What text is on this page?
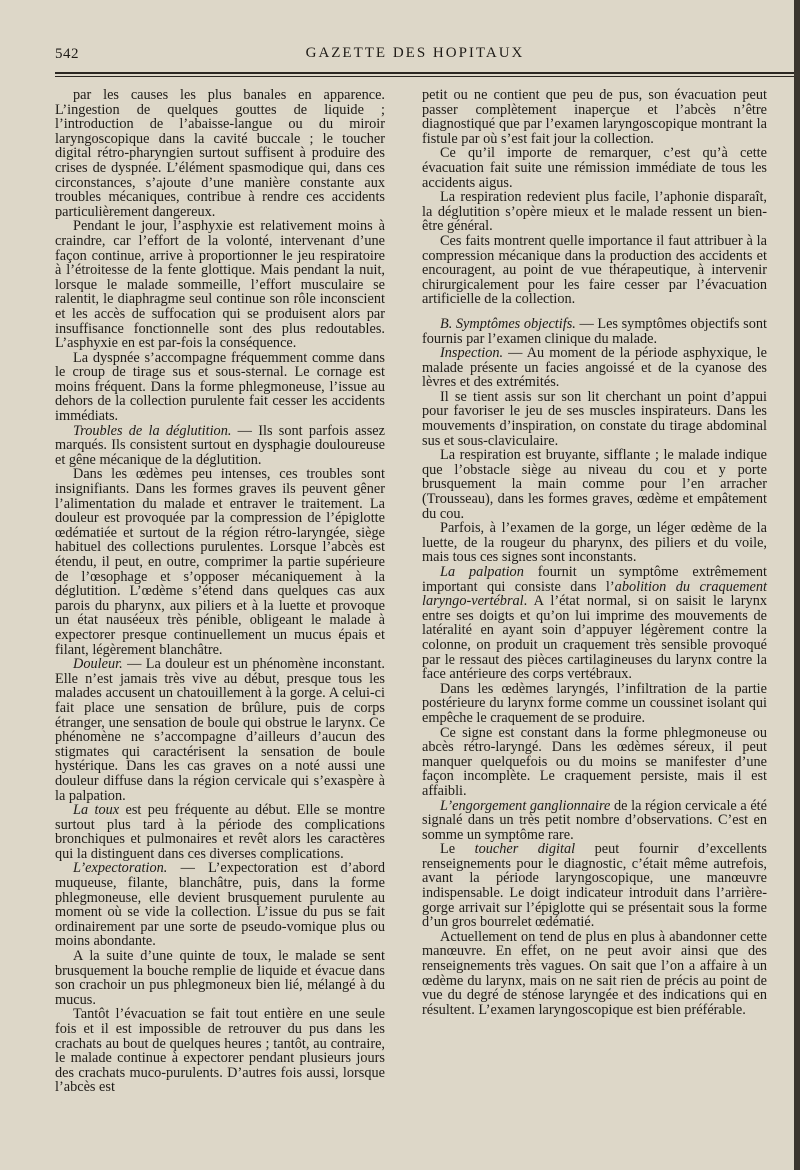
542	GAZETTE DES HOPITAUX

par les causes les plus banales en apparence. L’ingestion de quelques gouttes de liquide ; l’introduction de l’abaisse-langue ou du miroir laryngoscopique dans la cavité buccale ; le toucher digital rétro-pharyngien surtout suffisent à produire des crises de dyspnée. L’élément spasmodique qui, dans ces circonstances, s’ajoute d’une manière constante aux troubles mécaniques, contribue à rendre ces accidents particulièrement dangereux.

Pendant le jour, l’asphyxie est relativement moins à craindre, car l’effort de la volonté, intervenant d’une façon continue, arrive à proportionner le jeu respiratoire à l’étroitesse de la fente glottique. Mais pendant la nuit, lorsque le malade sommeille, l’effort musculaire se ralentit, le diaphragme seul continue son rôle inconscient et les accès de suffocation qui se produisent alors par insuffisance fonctionnelle sont des plus redoutables. L’asphyxie en est par-fois la conséquence.

La dyspnée s’accompagne fréquemment comme dans le croup de tirage sus et sous-sternal. Le cornage est moins fréquent. Dans la forme phlegmoneuse, l’issue au dehors de la collection purulente fait cesser les accidents immédiats.

Troubles de la déglutition. — Ils sont parfois assez marqués. Ils consistent surtout en dysphagie douloureuse et gêne mécanique de la déglutition.

Dans les œdèmes peu intenses, ces troubles sont insignifiants. Dans les formes graves ils peuvent gêner l’alimentation du malade et entraver le traitement. La douleur est provoquée par la compression de l’épiglotte œdématiée et surtout de la région rétro-laryngée, siège habituel des collections purulentes. Lorsque l’abcès est étendu, il peut, en outre, comprimer la partie supérieure de l’œsophage et s’opposer mécaniquement à la déglutition. L’œdème s’étend dans quelques cas aux parois du pharynx, aux piliers et à la luette et provoque un état nauséeux très pénible, obligeant le malade à expectorer presque continuellement un mucus épais et filant, légèrement blanchâtre.

Douleur. — La douleur est un phénomène inconstant. Elle n’est jamais très vive au début, presque tous les malades accusent un chatouillement à la gorge. A celui-ci fait place une sensation de brûlure, puis de corps étranger, une sensation de boule qui obstrue le larynx. Ce phénomène ne s’accompagne d’ailleurs d’aucun des stigmates qui caractérisent la sensation de boule hystérique. Dans les cas graves on a noté aussi une douleur diffuse dans la région cervicale qui s’exaspère à la palpation.

La toux est peu fréquente au début. Elle se montre surtout plus tard à la période des complications bronchiques et pulmonaires et revêt alors les caractères qui la distinguent dans ces diverses complications.

L’expectoration. — L’expectoration est d’abord muqueuse, filante, blanchâtre, puis, dans la forme phlegmoneuse, elle devient brusquement purulente au moment où se vide la collection. L’issue du pus se fait ordinairement par une sorte de pseudo-vomique plus ou moins abondante.

A la suite d’une quinte de toux, le malade se sent brusquement la bouche remplie de liquide et évacue dans son crachoir un pus phlegmoneux bien lié, mélangé à du mucus.

Tantôt l’évacuation se fait tout entière en une seule fois et il est impossible de retrouver du pus dans les crachats au bout de quelques heures ; tantôt, au contraire, le malade continue à expectorer pendant plusieurs jours des crachats muco-purulents. D’autres fois aussi, lorsque l’abcès est

petit ou ne contient que peu de pus, son évacuation peut passer complètement inaperçue et l’abcès n’être diagnostiqué que par l’examen laryngoscopique montrant la fistule par où s’est fait jour la collection.

Ce qu’il importe de remarquer, c’est qu’à cette évacuation fait suite une rémission immédiate de tous les accidents aigus.

La respiration redevient plus facile, l’aphonie disparaît, la déglutition s’opère mieux et le malade ressent un bien-être général.

Ces faits montrent quelle importance il faut attribuer à la compression mécanique dans la production des accidents et encouragent, au point de vue thérapeutique, à intervenir chirurgicalement pour les faire cesser par l’évacuation artificielle de la collection.

B. Symptômes objectifs. — Les symptômes objectifs sont fournis par l’examen clinique du malade.

Inspection. — Au moment de la période asphyxique, le malade présente un facies angoissé et de la cyanose des lèvres et des extrémités.

Il se tient assis sur son lit cherchant un point d’appui pour favoriser le jeu de ses muscles inspirateurs. Dans les mouvements d’inspiration, on constate du tirage abdominal sus et sous-claviculaire.

La respiration est bruyante, sifflante ; le malade indique que l’obstacle siège au niveau du cou et y porte brusquement la main comme pour l’en arracher (Trousseau), dans les formes graves, œdème et empâtement du cou.

Parfois, à l’examen de la gorge, un léger œdème de la luette, de la rougeur du pharynx, des piliers et du voile, mais tous ces signes sont inconstants.

La palpation fournit un symptôme extrêmement important qui consiste dans l’abolition du craquement laryngo-vertébral. A l’état normal, si on saisit le larynx entre ses doigts et qu’on lui imprime des mouvements de latéralité en ayant soin d’appuyer légèrement contre la colonne, on produit un craquement très sensible provoqué par le ressaut des pièces cartilagineuses du larynx contre la face antérieure des corps vertébraux.

Dans les œdèmes laryngés, l’infiltration de la partie postérieure du larynx forme comme un coussinet isolant qui empêche le craquement de se produire.

Ce signe est constant dans la forme phlegmoneuse ou abcès rétro-laryngé. Dans les œdèmes séreux, il peut manquer quelquefois ou du moins se manifester d’une façon incomplète. Le craquement persiste, mais il est affaibli.

L’engorgement ganglionnaire de la région cervicale a été signalé dans un très petit nombre d’observations. C’est en somme un symptôme rare.

Le toucher digital peut fournir d’excellents renseignements pour le diagnostic, c’était même autrefois, avant la période laryngoscopique, une manœuvre indispensable. Le doigt indicateur introduit dans l’arrière-gorge arrivait sur l’épiglotte qui se présentait sous la forme d’un gros bourrelet œdématié.

Actuellement on tend de plus en plus à abandonner cette manœuvre. En effet, on ne peut avoir ainsi que des renseignements très vagues. On sait que l’on a affaire à un œdème du larynx, mais on ne sait rien de précis au point de vue du degré de sténose laryngée et des indications qui en résultent. L’examen laryngoscopique est bien préférable.
